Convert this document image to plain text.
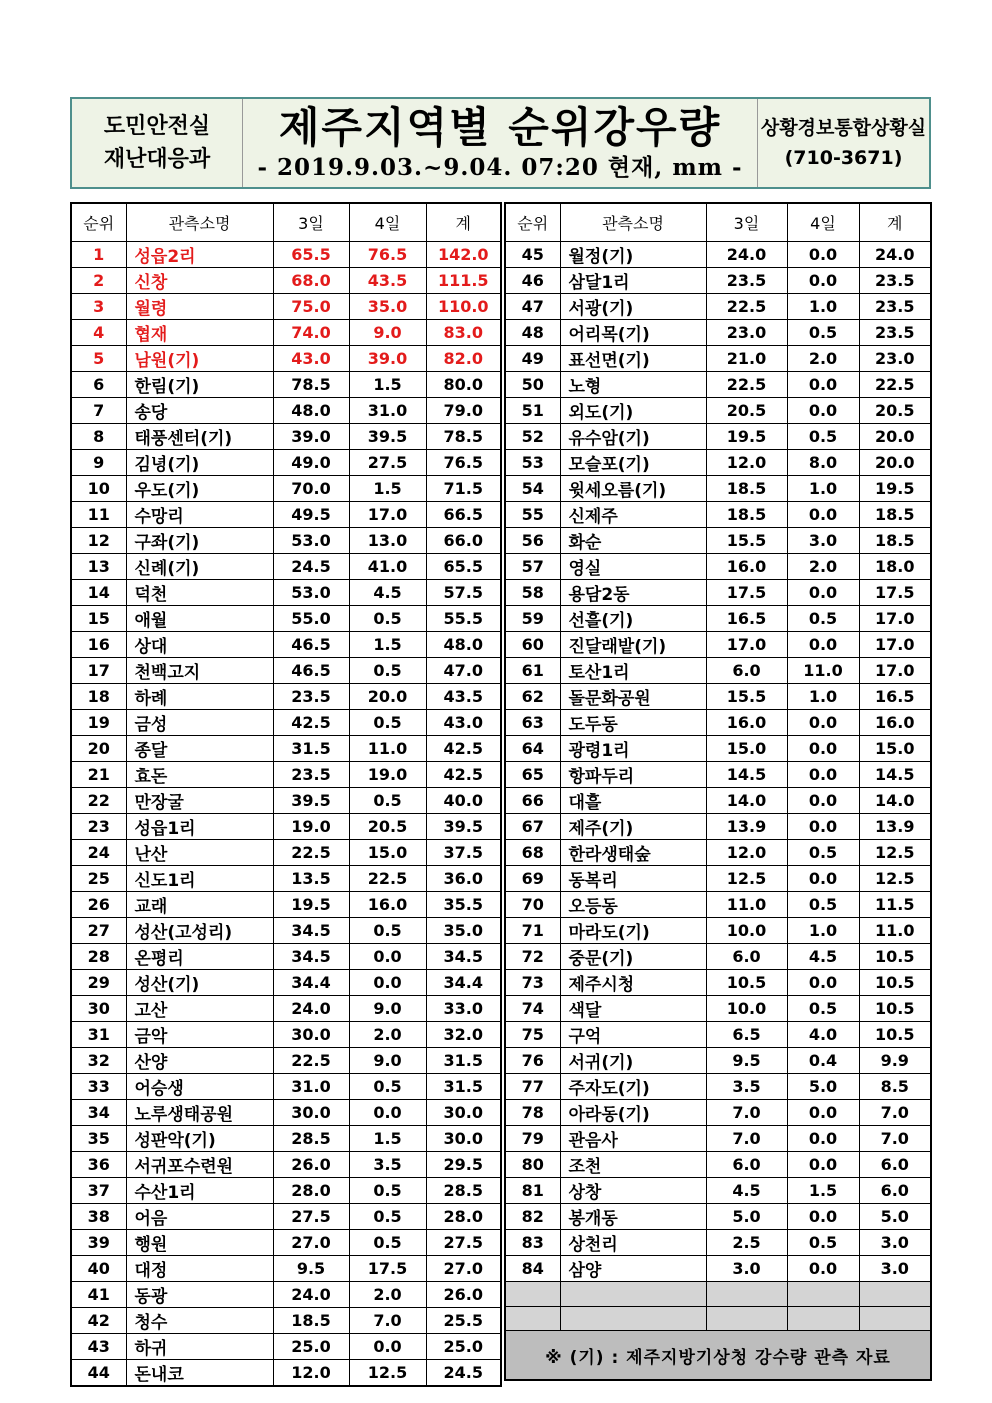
도민안전실
재난대응과
제주지역별 순위강우량
- 2019.9.03.~9.04. 07:20 현재, mm -
상황경보통합상황실
(710-3671)
순위	관측소명	3일	4일	계
1	성읍2리	65.5	76.5	142.0
2	신창	68.0	43.5	111.5
3	월령	75.0	35.0	110.0
4	협재	74.0	9.0	83.0
5	남원(기)	43.0	39.0	82.0
6	한림(기)	78.5	1.5	80.0
7	송당	48.0	31.0	79.0
8	태풍센터(기)	39.0	39.5	78.5
9	김녕(기)	49.0	27.5	76.5
10	우도(기)	70.0	1.5	71.5
11	수망리	49.5	17.0	66.5
12	구좌(기)	53.0	13.0	66.0
13	신례(기)	24.5	41.0	65.5
14	덕천	53.0	4.5	57.5
15	애월	55.0	0.5	55.5
16	상대	46.5	1.5	48.0
17	천백고지	46.5	0.5	47.0
18	하례	23.5	20.0	43.5
19	금성	42.5	0.5	43.0
20	종달	31.5	11.0	42.5
21	효돈	23.5	19.0	42.5
22	만장굴	39.5	0.5	40.0
23	성읍1리	19.0	20.5	39.5
24	난산	22.5	15.0	37.5
25	신도1리	13.5	22.5	36.0
26	교래	19.5	16.0	35.5
27	성산(고성리)	34.5	0.5	35.0
28	온평리	34.5	0.0	34.5
29	성산(기)	34.4	0.0	34.4
30	고산	24.0	9.0	33.0
31	금악	30.0	2.0	32.0
32	산양	22.5	9.0	31.5
33	어승생	31.0	0.5	31.5
34	노루생태공원	30.0	0.0	30.0
35	성판악(기)	28.5	1.5	30.0
36	서귀포수련원	26.0	3.5	29.5
37	수산1리	28.0	0.5	28.5
38	어음	27.5	0.5	28.0
39	행원	27.0	0.5	27.5
40	대정	9.5	17.5	27.0
41	동광	24.0	2.0	26.0
42	청수	18.5	7.0	25.5
43	하귀	25.0	0.0	25.0
44	돈내코	12.0	12.5	24.5
순위	관측소명	3일	4일	계
45	월정(기)	24.0	0.0	24.0
46	삼달1리	23.5	0.0	23.5
47	서광(기)	22.5	1.0	23.5
48	어리목(기)	23.0	0.5	23.5
49	표선면(기)	21.0	2.0	23.0
50	노형	22.5	0.0	22.5
51	외도(기)	20.5	0.0	20.5
52	유수암(기)	19.5	0.5	20.0
53	모슬포(기)	12.0	8.0	20.0
54	윗세오름(기)	18.5	1.0	19.5
55	신제주	18.5	0.0	18.5
56	화순	15.5	3.0	18.5
57	영실	16.0	2.0	18.0
58	용담2동	17.5	0.0	17.5
59	선흘(기)	16.5	0.5	17.0
60	진달래밭(기)	17.0	0.0	17.0
61	토산1리	6.0	11.0	17.0
62	돌문화공원	15.5	1.0	16.5
63	도두동	16.0	0.0	16.0
64	광령1리	15.0	0.0	15.0
65	항파두리	14.5	0.0	14.5
66	대흘	14.0	0.0	14.0
67	제주(기)	13.9	0.0	13.9
68	한라생태숲	12.0	0.5	12.5
69	동복리	12.5	0.0	12.5
70	오등동	11.0	0.5	11.5
71	마라도(기)	10.0	1.0	11.0
72	중문(기)	6.0	4.5	10.5
73	제주시청	10.5	0.0	10.5
74	색달	10.0	0.5	10.5
75	구억	6.5	4.0	10.5
76	서귀(기)	9.5	0.4	9.9
77	주자도(기)	3.5	5.0	8.5
78	아라동(기)	7.0	0.0	7.0
79	관음사	7.0	0.0	7.0
80	조천	6.0	0.0	6.0
81	상창	4.5	1.5	6.0
82	봉개동	5.0	0.0	5.0
83	상천리	2.5	0.5	3.0
84	삼양	3.0	0.0	3.0

※ (기) : 제주지방기상청 강수량 관측 자료				
